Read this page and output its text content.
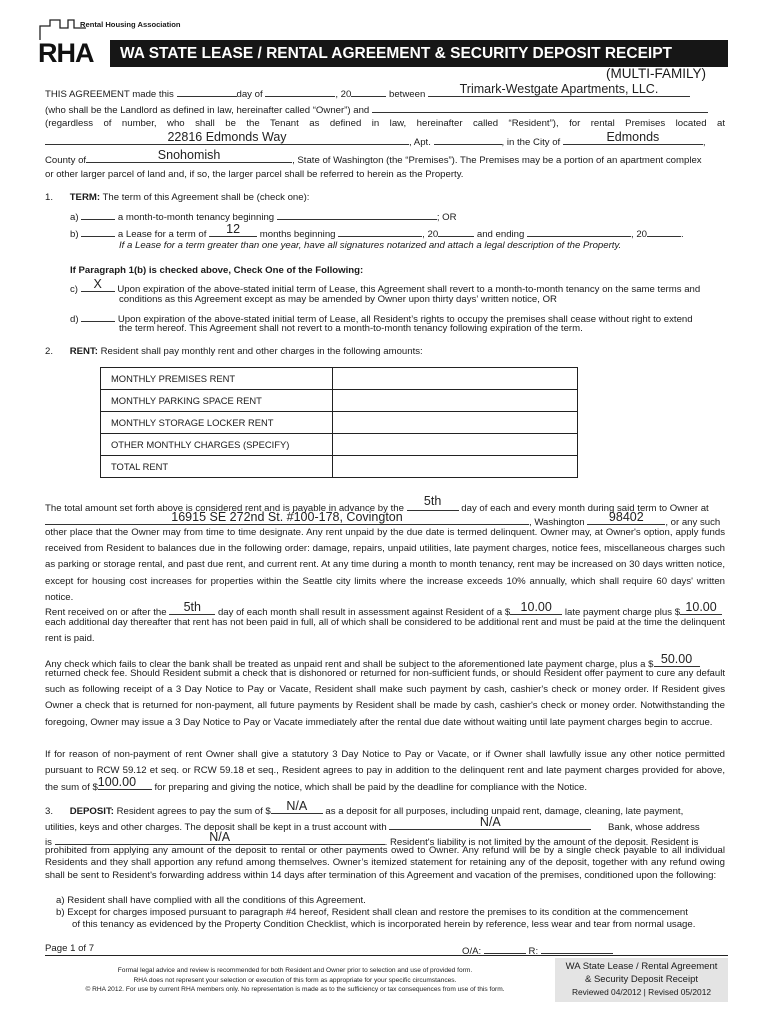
RHA
Rental Housing Association
WA STATE LEASE / RENTAL AGREEMENT & SECURITY DEPOSIT RECEIPT
(MULTI-FAMILY)
THIS AGREEMENT made this	day of	, 20	between	Trimark-Westgate Apartments, LLC.
(who shall be the Landlord as defined in law, hereinafter called “Owner”) and
(regardless of number, who shall be the Tenant as defined in law, hereinafter called “Resident”), for rental Premises located at
22816 Edmonds Way	, Apt.	, in the City of	Edmonds	,
County of	Snohomish	, State of Washington (the “Premises”). The Premises may be a portion of an apartment complex
or other larger parcel of land and, if so, the larger parcel shall be referred to herein as the Property.
1. TERM: The term of this Agreement shall be (check one):
a)	a month-to-month tenancy beginning	; OR
b)	a Lease for a term of	12	months beginning	, 20	and ending	, 20	.
If a Lease for a term greater than one year, have all signatures notarized and attach a legal description of the Property.
If Paragraph 1(b) is checked above, Check One of the Following:
c)	X	Upon expiration of the above-stated initial term of Lease, this Agreement shall revert to a month-to-month tenancy on the same terms and
conditions as this Agreement except as may be amended by Owner upon thirty days’ written notice, OR
d)	Upon expiration of the above-stated initial term of Lease, all Resident’s rights to occupy the premises shall cease without right to extend
the term hereof. This Agreement shall not revert to a month-to-month tenancy following expiration of the term.
2. RENT: Resident shall pay monthly rent and other charges in the following amounts:
MONTHLY PREMISES RENT	
MONTHLY PARKING SPACE RENT	
MONTHLY STORAGE LOCKER RENT	
OTHER MONTHLY CHARGES (SPECIFY)	
TOTAL RENT	
The total amount set forth above is considered rent and is payable in advance by the
5th
day of each and every month during said term to Owner at
16915 SE 272nd St. #100-178, Covington	, Washington	98402	, or any such
other place that the Owner may from time to time designate. Any rent unpaid by the due date is termed delinquent. Owner may, at Owner's option, apply funds received from Resident to balances due in the following order: damage, repairs, unpaid utilities, late payment charges, notice fees, miscellaneous charges such as parking or storage rental, and past due rent, and current rent. At any time during a month to month tenancy, rent may be increased on 30 days written notice, except for housing cost increases for properties within the Seattle city limits where the increase exceeds 10% annually, which shall require 60 days' written notice.
Rent received on or after the	5th	day of each month shall result in assessment against Resident of a $ 10.00	late payment charge plus $ 10.00
each additional day thereafter that rent has not been paid in full, all of which shall be considered to be additional rent and must be paid at the time the delinquent rent is paid.
Any check which fails to clear the bank shall be treated as unpaid rent and shall be subject to the aforementioned late payment charge, plus a $ 50.00
returned check fee. Should Resident submit a check that is dishonored or returned for non-sufficient funds, or should Resident offer payment to cure any default such as following receipt of a 3 Day Notice to Pay or Vacate, Resident shall make such payment by cash, cashier's check or money order. If Resident gives Owner a check that is returned for non-payment, all future payments by Resident shall be made by cash, cashier's check or money order. Notwithstanding the foregoing, Owner may issue a 3 Day Notice to Pay or Vacate immediately after the rental due date without waiting until late payment charges begin to accrue.
If for reason of non-payment of rent Owner shall give a statutory 3 Day Notice to Pay or Vacate, or if Owner shall lawfully issue any other notice permitted pursuant to RCW 59.12 et seq. or RCW 59.18 et seq., Resident agrees to pay in addition to the delinquent rent and late payment charges provided for above, the sum of $ 100.00	for preparing and giving the notice, which shall be paid by the deadline for compliance with the Notice.
3. DEPOSIT: Resident agrees to pay the sum of $	N/A	as a deposit for all purposes, including unpaid rent, damage, cleaning, late payment,
utilities, keys and other charges. The deposit shall be kept in a trust account with	N/A	Bank, whose address
is	N/A	. Resident's liability is not limited by the amount of the deposit. Resident is
prohibited from applying any amount of the deposit to rental or other payments owed to Owner. Any refund will be by a single check payable to all individual Residents and they shall apportion any refund among themselves. Owner’s itemized statement for retaining any of the deposit, together with any refund owing shall be sent to Resident's forwarding address within 14 days after termination of this Agreement and vacation of the premises, conditioned upon the following:
a) Resident shall have complied with all the conditions of this Agreement.
b) Except for charges imposed pursuant to paragraph #4 hereof, Resident shall clean and restore the premises to its condition at the commencement
of this tenancy as evidenced by the Property Condition Checklist, which is incorporated herein by reference, less wear and tear from normal usage.
Page 1 of 7	O/A:	R:
Formal legal advice and review is recommended for both Resident and Owner prior to selection and use of provided form.
RHA does not represent your selection or execution of this form as appropriate for your specific circumstances.
© RHA 2012. For use by current RHA members only. No representation is made as to the sufficiency or tax consequences from use of this form.
WA State Lease / Rental Agreement
& Security Deposit Receipt
Reviewed 04/2012 | Revised 05/2012
